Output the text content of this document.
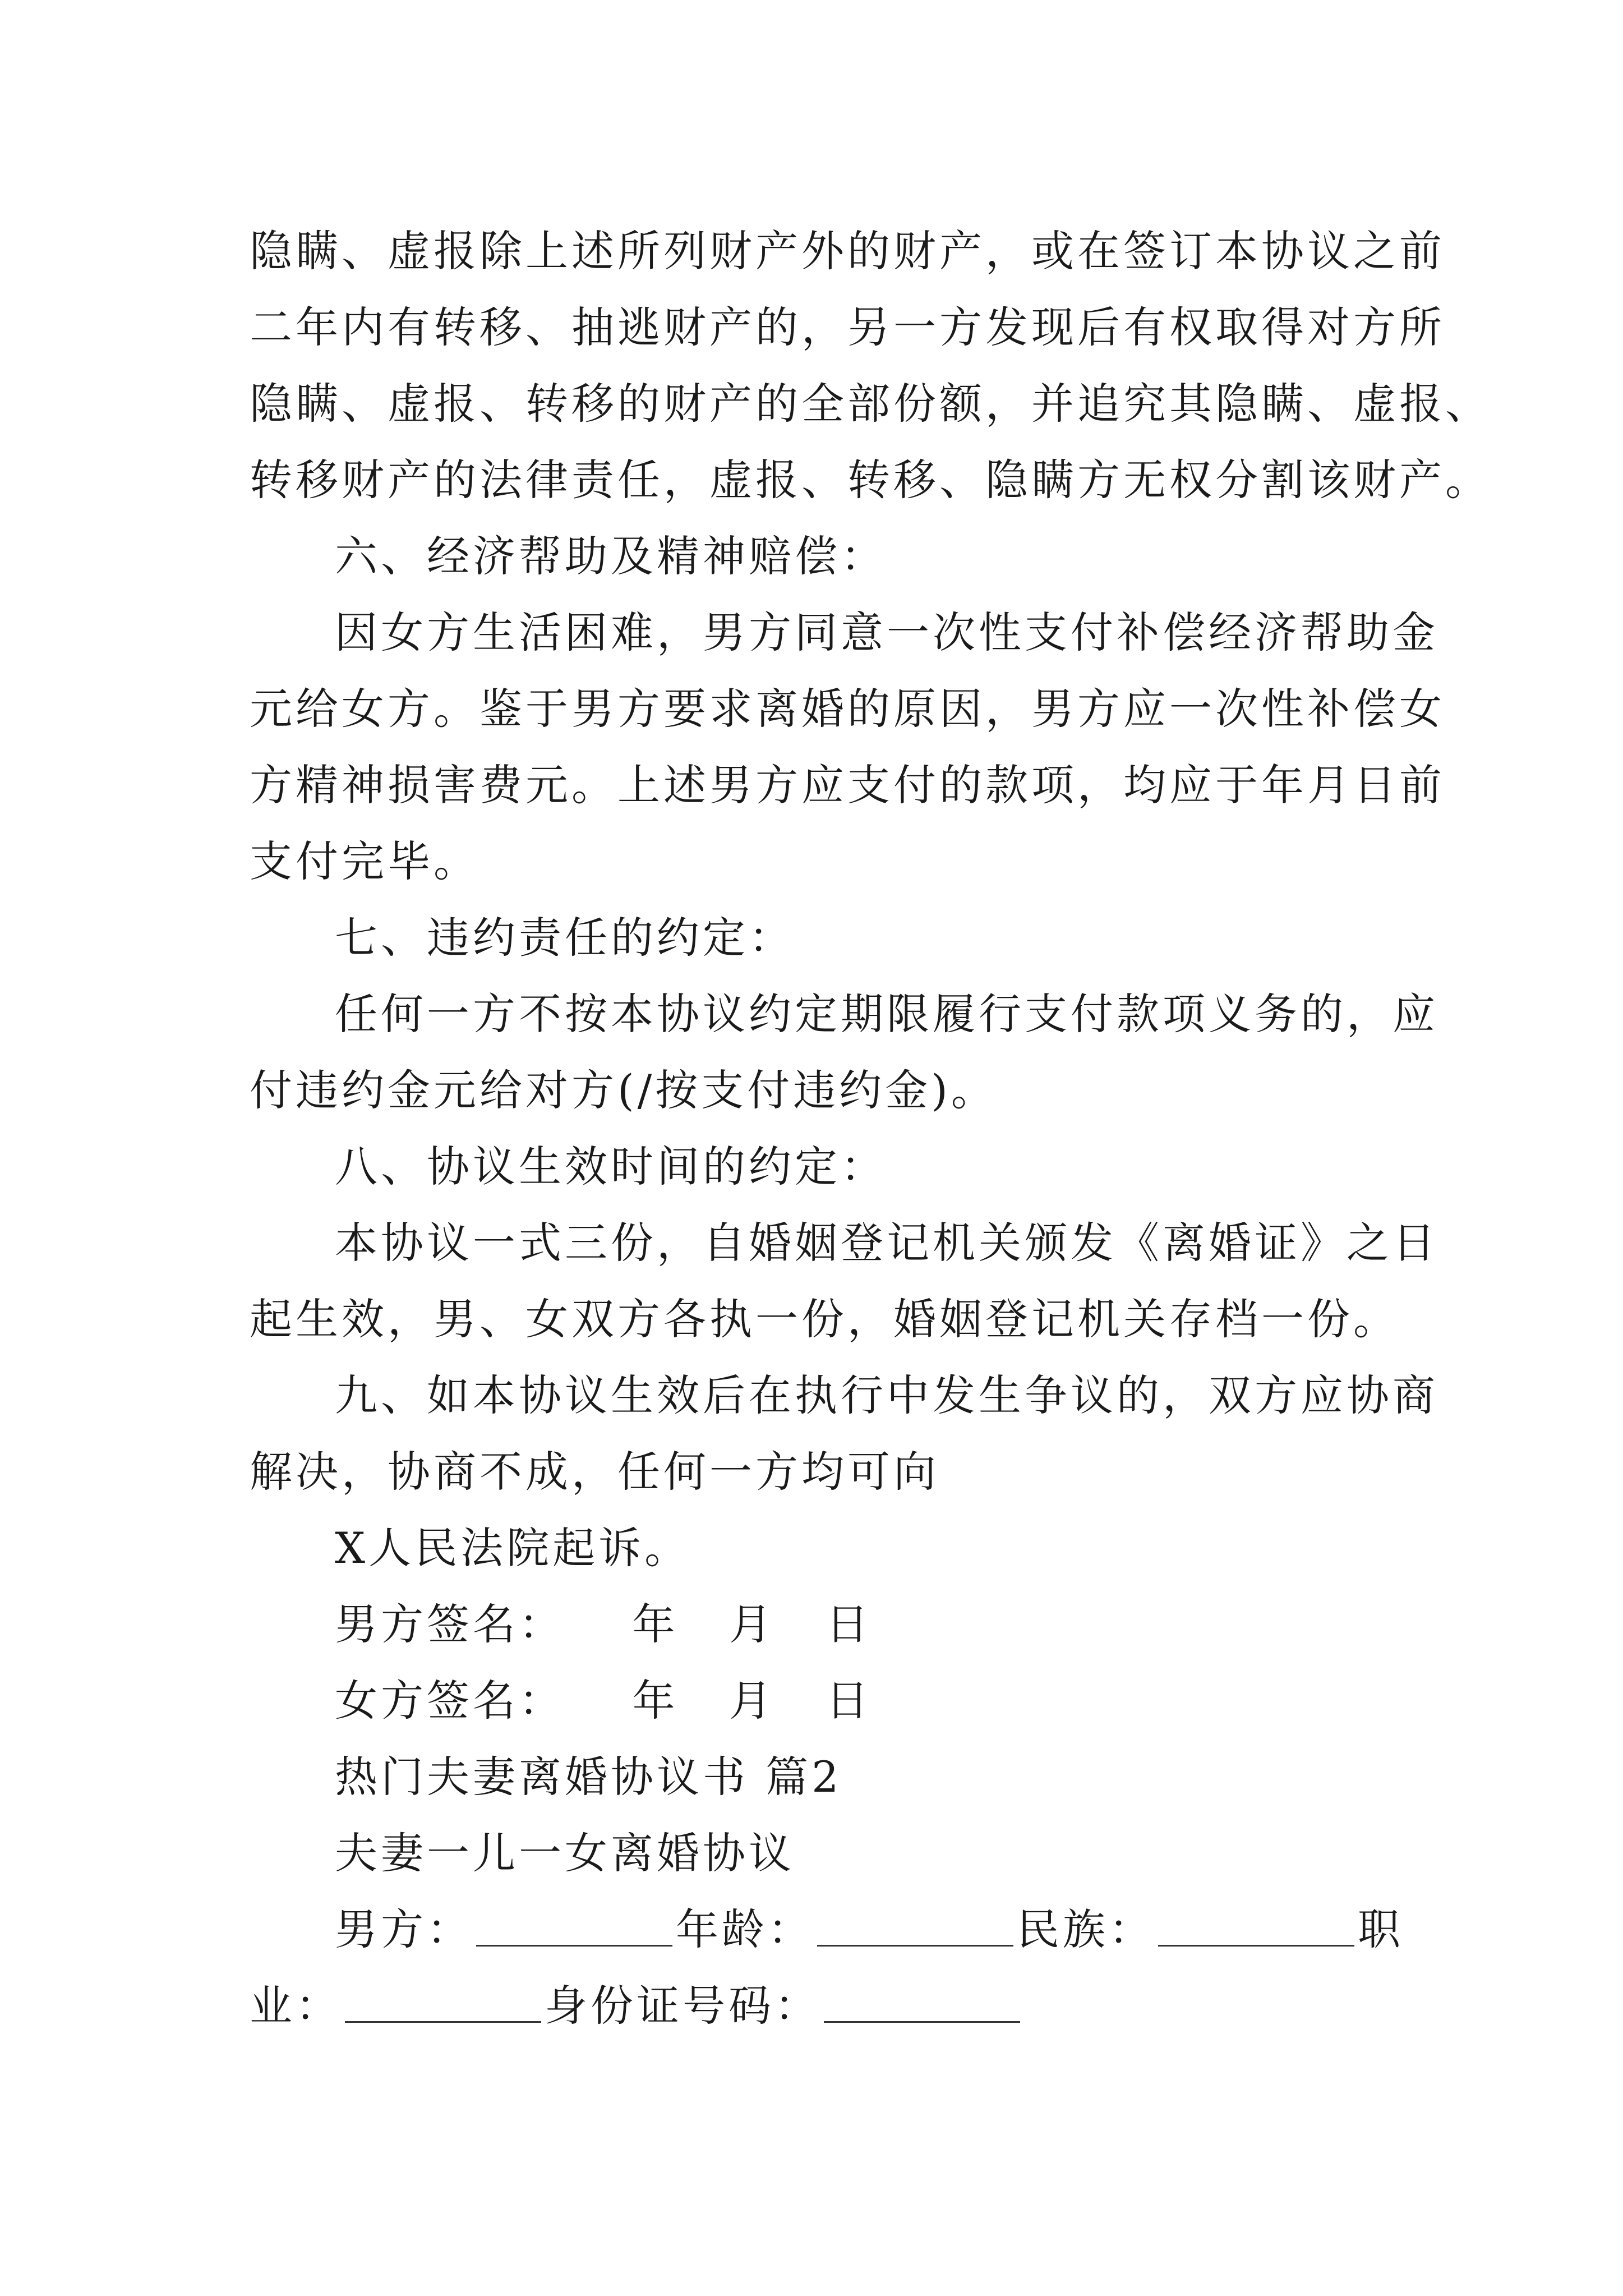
隐瞒、虚报除上述所列财产外的财产，或在签订本协议之前
二年内有转移、抽逃财产的，另一方发现后有权取得对方所
隐瞒、虚报、转移的财产的全部份额，并追究其隐瞒、虚报、
转移财产的法律责任，虚报、转移、隐瞒方无权分割该财产。
六、经济帮助及精神赔偿：
因女方生活困难，男方同意一次性支付补偿经济帮助金
元给女方。鉴于男方要求离婚的原因，男方应一次性补偿女
方精神损害费元。上述男方应支付的款项，均应于年月日前
支付完毕。
七、违约责任的约定：
任何一方不按本协议约定期限履行支付款项义务的，应
付违约金元给对方(/按支付违约金)。
八、协议生效时间的约定：
本协议一式三份，自婚姻登记机关颁发《离婚证》之日
起生效，男、女双方各执一份，婚姻登记机关存档一份。
九、如本协议生效后在执行中发生争议的，双方应协商
解决，协商不成，任何一方均可向
X人民法院起诉。
男方签名：    年   月   日
女方签名：    年   月   日
热门夫妻离婚协议书 篇2
夫妻一儿一女离婚协议
男方：	年龄：	民族：	职
业：	身份证号码：
